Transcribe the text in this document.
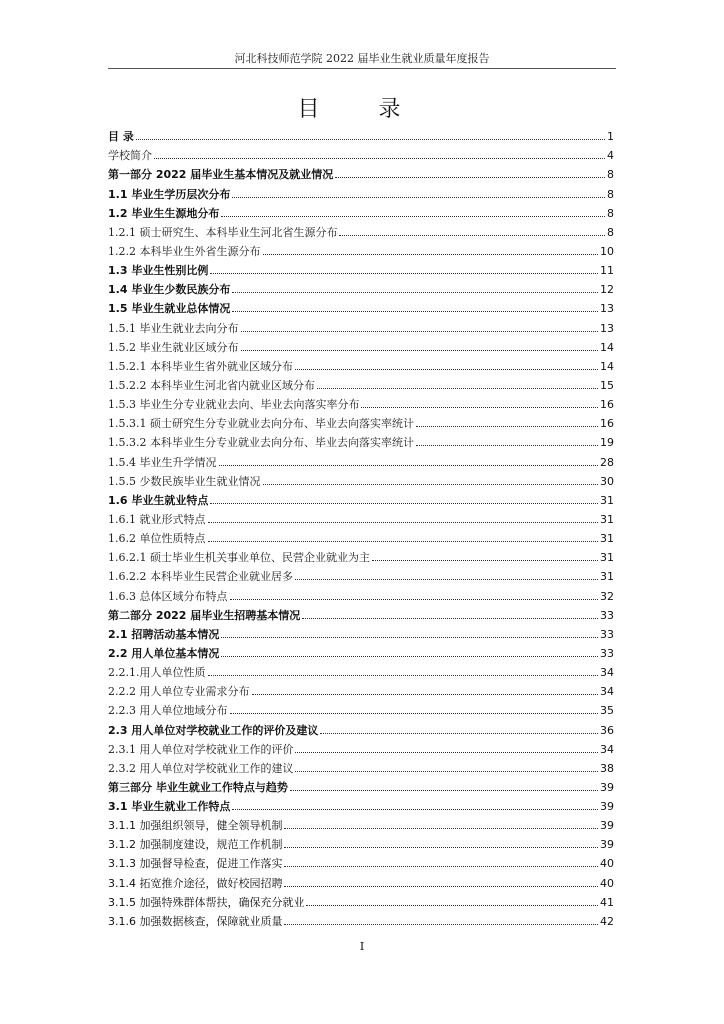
河北科技师范学院 2022 届毕业生就业质量年度报告
目 录
目 录	1
学校简介	4
第一部分 2022 届毕业生基本情况及就业情况	8
1.1 毕业生学历层次分布	8
1.2 毕业生生源地分布	8
1.2.1 硕士研究生、本科毕业生河北省生源分布	8
1.2.2 本科毕业生外省生源分布	10
1.3 毕业生性别比例	11
1.4 毕业生少数民族分布	12
1.5 毕业生就业总体情况	13
1.5.1 毕业生就业去向分布	13
1.5.2 毕业生就业区域分布	14
1.5.2.1 本科毕业生省外就业区域分布	14
1.5.2.2 本科毕业生河北省内就业区域分布	15
1.5.3 毕业生分专业就业去向、毕业去向落实率分布	16
1.5.3.1 硕士研究生分专业就业去向分布、毕业去向落实率统计	16
1.5.3.2 本科毕业生分专业就业去向分布、毕业去向落实率统计	19
1.5.4 毕业生升学情况	28
1.5.5 少数民族毕业生就业情况	30
1.6 毕业生就业特点	31
1.6.1 就业形式特点	31
1.6.2 单位性质特点	31
1.6.2.1 硕士毕业生机关事业单位、民营企业就业为主	31
1.6.2.2 本科毕业生民营企业就业居多	31
1.6.3 总体区域分布特点	32
第二部分 2022 届毕业生招聘基本情况	33
2.1 招聘活动基本情况	33
2.2 用人单位基本情况	33
2.2.1.用人单位性质	34
2.2.2 用人单位专业需求分布	34
2.2.3 用人单位地域分布	35
2.3 用人单位对学校就业工作的评价及建议	36
2.3.1 用人单位对学校就业工作的评价	34
2.3.2 用人单位对学校就业工作的建议	38
第三部分 毕业生就业工作特点与趋势	39
3.1 毕业生就业工作特点	39
3.1.1 加强组织领导，健全领导机制	39
3.1.2 加强制度建设，规范工作机制	39
3.1.3 加强督导检查，促进工作落实	40
3.1.4 拓宽推介途径，做好校园招聘	40
3.1.5 加强特殊群体帮扶，确保充分就业	41
3.1.6 加强数据核查，保障就业质量	42
I
